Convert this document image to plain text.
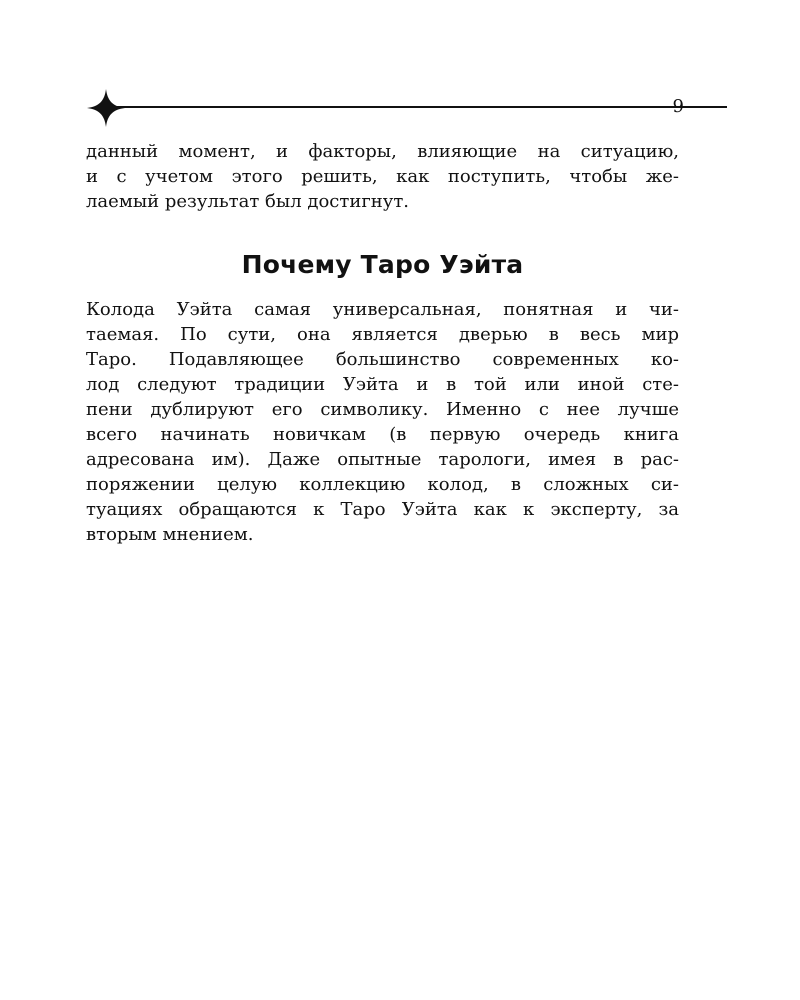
9
данный момент, и факторы, влияющие на ситуацию,
и с учетом этого решить, как поступить, чтобы же-
лаемый результат был достигнут.
Почему Таро Уэйта
Колода Уэйта самая универсальная, понятная и чи-
таемая. По сути, она является дверью в весь мир
Таро. Подавляющее большинство современных ко-
лод следуют традиции Уэйта и в той или иной сте-
пени дублируют его символику. Именно с нее лучше
всего начинать новичкам (в первую очередь книга
адресована им). Даже опытные тарологи, имея в рас-
поряжении целую коллекцию колод, в сложных си-
туациях обращаются к Таро Уэйта как к эксперту, за
вторым мнением.
